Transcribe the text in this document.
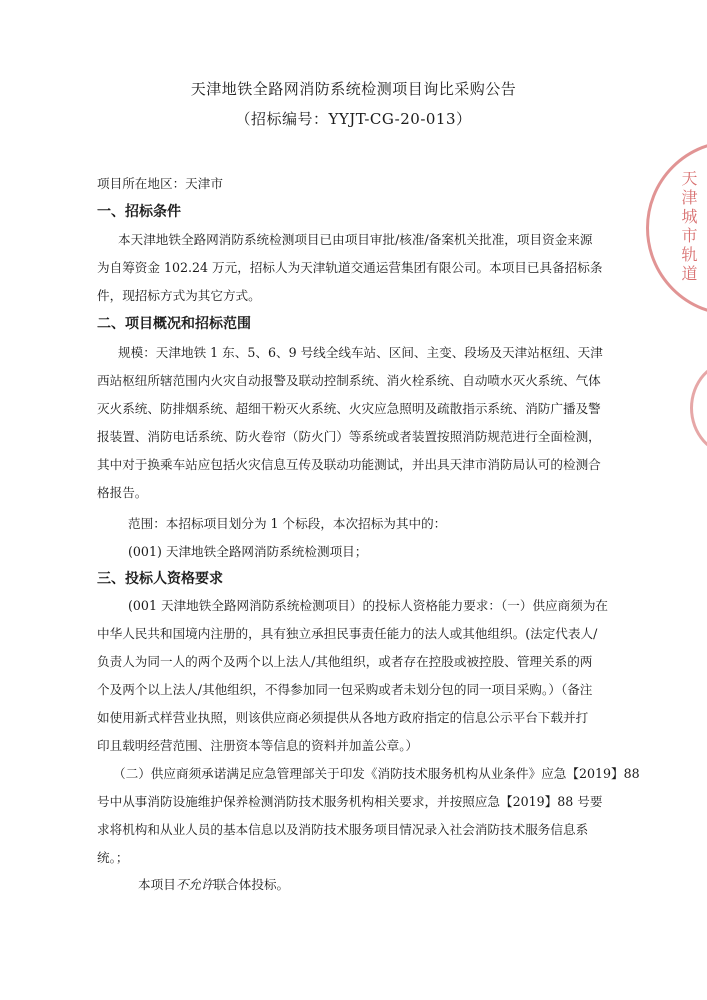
天津地铁全路网消防系统检测项目询比采购公告
（招标编号：YYJT-CG-20-013）
项目所在地区：天津市
一、招标条件
本天津地铁全路网消防系统检测项目已由项目审批/核准/备案机关批准，项目资金来源
为自筹资金 102.24 万元，招标人为天津轨道交通运营集团有限公司。本项目已具备招标条
件，现招标方式为其它方式。
二、项目概况和招标范围
规模：天津地铁 1 东、5、6、9 号线全线车站、区间、主变、段场及天津站枢纽、天津
西站枢纽所辖范围内火灾自动报警及联动控制系统、消火栓系统、自动喷水灭火系统、气体
灭火系统、防排烟系统、超细干粉灭火系统、火灾应急照明及疏散指示系统、消防广播及警
报装置、消防电话系统、防火卷帘（防火门）等系统或者装置按照消防规范进行全面检测，
其中对于换乘车站应包括火灾信息互传及联动功能测试，并出具天津市消防局认可的检测合
格报告。
范围：本招标项目划分为 1 个标段，本次招标为其中的：
(001) 天津地铁全路网消防系统检测项目；
三、投标人资格要求
(001 天津地铁全路网消防系统检测项目）的投标人资格能力要求：（一）供应商须为在
中华人民共和国境内注册的，具有独立承担民事责任能力的法人或其他组织。(法定代表人/
负责人为同一人的两个及两个以上法人/其他组织，或者存在控股或被控股、管理关系的两
个及两个以上法人/其他组织，不得参加同一包采购或者未划分包的同一项目采购。）（备注
如使用新式样营业执照，则该供应商必须提供从各地方政府指定的信息公示平台下载并打
印且载明经营范围、注册资本等信息的资料并加盖公章。）
（二）供应商须承诺满足应急管理部关于印发《消防技术服务机构从业条件》应急【2019】88
号中从事消防设施维护保养检测消防技术服务机构相关要求，并按照应急【2019】88 号要
求将机构和从业人员的基本信息以及消防技术服务项目情况录入社会消防技术服务信息系
统。；
本项目不允许联合体投标。
天津城市轨道
